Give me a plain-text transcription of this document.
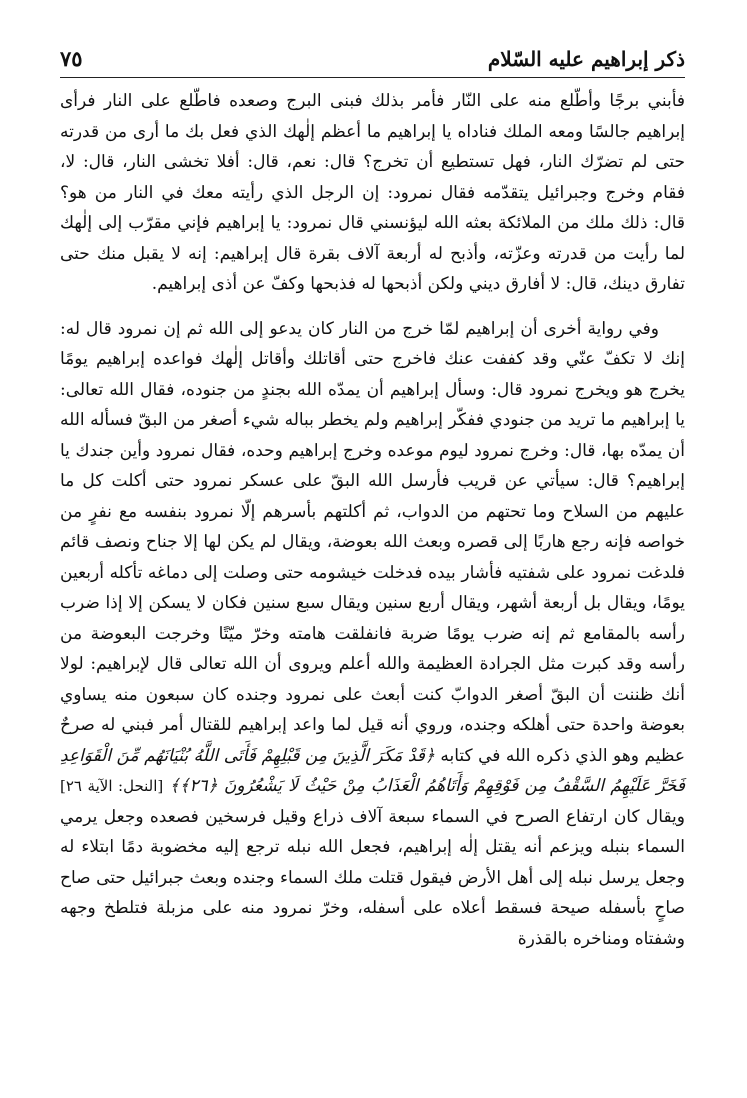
ذكر إبراهيم عليه السّلام
٧٥

فأبني برجًا وأطّلع منه على النّار فأمر بذلك فبنى البرج وصعده فاطّلع على النار فرأى إبراهيم جالسًا ومعه الملك فناداه يا إبراهيم ما أعظم إلٰهك الذي فعل بك ما أرى من قدرته حتى لم تضرّك النار، فهل تستطيع أن تخرج؟ قال: نعم، قال: أفلا تخشى النار، قال: لا، فقام وخرج وجبرائيل يتقدّمه فقال نمرود: إن الرجل الذي رأيته معك في النار من هو؟ قال: ذلك ملك من الملائكة بعثه الله ليؤنسني قال نمرود: يا إبراهيم فإني مقرّب إلى إلٰهك لما رأيت من قدرته وعزّته، وأذبح له أربعة آلاف بقرة قال إبراهيم: إنه لا يقبل منك حتى تفارق دينك، قال: لا أفارق ديني ولكن أذبحها له فذبحها وكفّ عن أذى إبراهيم.

وفي رواية أخرى أن إبراهيم لمّا خرج من النار كان يدعو إلى الله ثم إن نمرود قال له: إنك لا تكفّ عنّي وقد كففت عنك فاخرج حتى أقاتلك وأقاتل إلٰهك فواعده إبراهيم يومًا يخرج هو ويخرج نمرود قال: وسأل إبراهيم أن يمدّه الله بجندٍ من جنوده، فقال الله تعالى: يا إبراهيم ما تريد من جنودي ففكّر إبراهيم ولم يخطر بباله شيء أصغر من البقّ فسأله الله أن يمدّه بها، قال: وخرج نمرود ليوم موعده وخرج إبراهيم وحده، فقال نمرود وأين جندك يا إبراهيم؟ قال: سيأتي عن قريب فأرسل الله البقّ على عسكر نمرود حتى أكلت كل ما عليهم من السلاح وما تحتهم من الدواب، ثم أكلتهم بأسرهم إلّا نمرود بنفسه مع نفرٍ من خواصه فإنه رجع هاربًا إلى قصره وبعث الله بعوضة، ويقال لم يكن لها إلا جناح ونصف قائم فلدغت نمرود على شفتيه فأشار بيده فدخلت خيشومه حتى وصلت إلى دماغه تأكله أربعين يومًا، ويقال بل أربعة أشهر، ويقال أربع سنين ويقال سبع سنين فكان لا يسكن إلا إذا ضرب رأسه بالمقامع ثم إنه ضرب يومًا ضربة فانفلقت هامته وخرّ ميّتًا وخرجت البعوضة من رأسه وقد كبرت مثل الجرادة العظيمة والله أعلم ويروى أن الله تعالى قال لإبراهيم: لولا أنك ظننت أن البقّ أصغر الدوابّ كنت أبعث على نمرود وجنده كان سبعون منه يساوي بعوضة واحدة حتى أهلكه وجنده، وروي أنه قيل لما واعد إبراهيم للقتال أمر فبني له صرحٌ عظيم وهو الذي ذكره الله في كتابه ﴿قَدْ مَكَرَ الَّذِينَ مِن قَبْلِهِمْ فَأَتَى اللَّهُ بُنْيَانَهُم مِّنَ الْقَوَاعِدِ فَخَرَّ عَلَيْهِمُ السَّقْفُ مِن فَوْقِهِمْ وَأَتَاهُمُ الْعَذَابُ مِنْ حَيْثُ لَا يَشْعُرُونَ ﴿٢٦﴾﴾ [النحل: الآية ٢٦] ويقال كان ارتفاع الصرح في السماء سبعة آلاف ذراع وقيل فرسخين فصعده وجعل يرمي السماء بنبله ويزعم أنه يقتل إلٰه إبراهيم، فجعل الله نبله ترجع إليه مخضوبة دمًا ابتلاء له وجعل يرسل نبله إلى أهل الأرض فيقول قتلت ملك السماء وجنده وبعث جبرائيل حتى صاح صاحٍ بأسفله صيحة فسقط أعلاه على أسفله، وخرّ نمرود منه على مزبلة فتلطخ وجهه وشفتاه ومناخره بالقذرة
